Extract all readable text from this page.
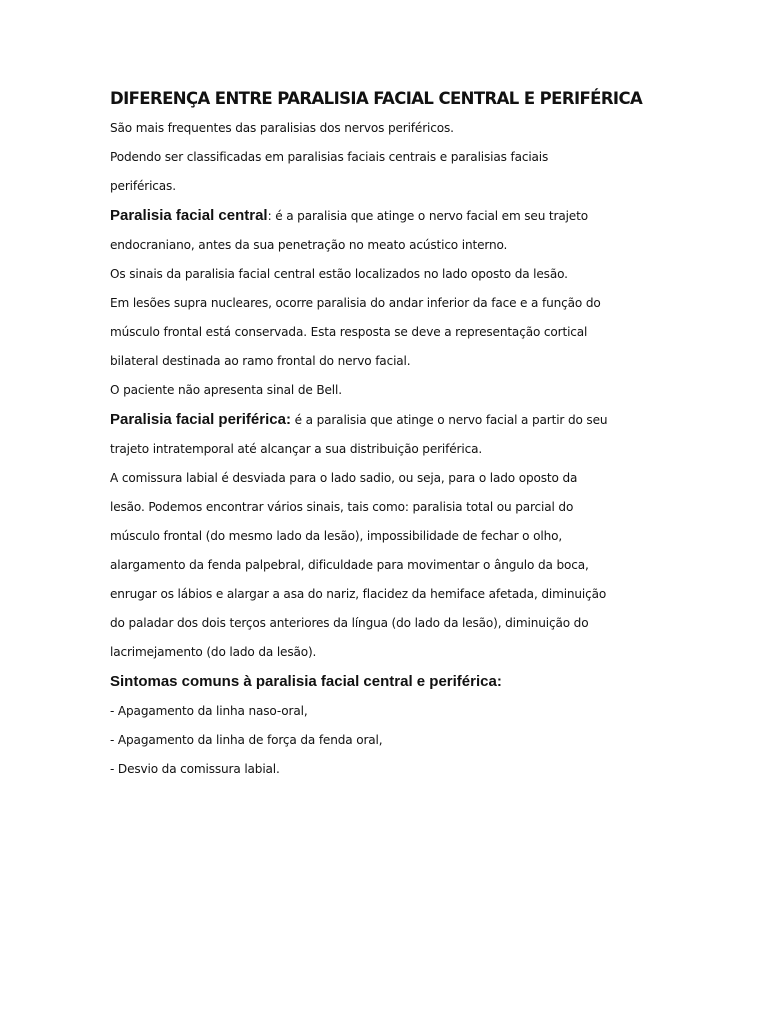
DIFERENÇA ENTRE PARALISIA FACIAL CENTRAL E PERIFÉRICA
São mais frequentes das paralisias dos nervos periféricos.
Podendo ser classificadas em paralisias faciais centrais e paralisias faciais
periféricas.
Paralisia facial central: é a paralisia que atinge o nervo facial em seu trajeto
endocraniano, antes da sua penetração no meato acústico interno.
Os sinais da paralisia facial central estão localizados no lado oposto da lesão.
Em lesões supra nucleares, ocorre paralisia do andar inferior da face e a função do
músculo frontal está conservada. Esta resposta se deve a representação cortical
bilateral destinada ao ramo frontal do nervo facial.
O paciente não apresenta sinal de Bell.
Paralisia facial periférica: é a paralisia que atinge o nervo facial a partir do seu
trajeto intratemporal até alcançar a sua distribuição periférica.
A comissura labial é desviada para o lado sadio, ou seja, para o lado oposto da
lesão. Podemos encontrar vários sinais, tais como: paralisia total ou parcial do
músculo frontal (do mesmo lado da lesão), impossibilidade de fechar o olho,
alargamento da fenda palpebral, dificuldade para movimentar o ângulo da boca,
enrugar os lábios e alargar a asa do nariz, flacidez da hemiface afetada, diminuição
do paladar dos dois terços anteriores da língua (do lado da lesão), diminuição do
lacrimejamento (do lado da lesão).
Sintomas comuns à paralisia facial central e periférica:
- Apagamento da linha naso-oral,
- Apagamento da linha de força da fenda oral,
- Desvio da comissura labial.
